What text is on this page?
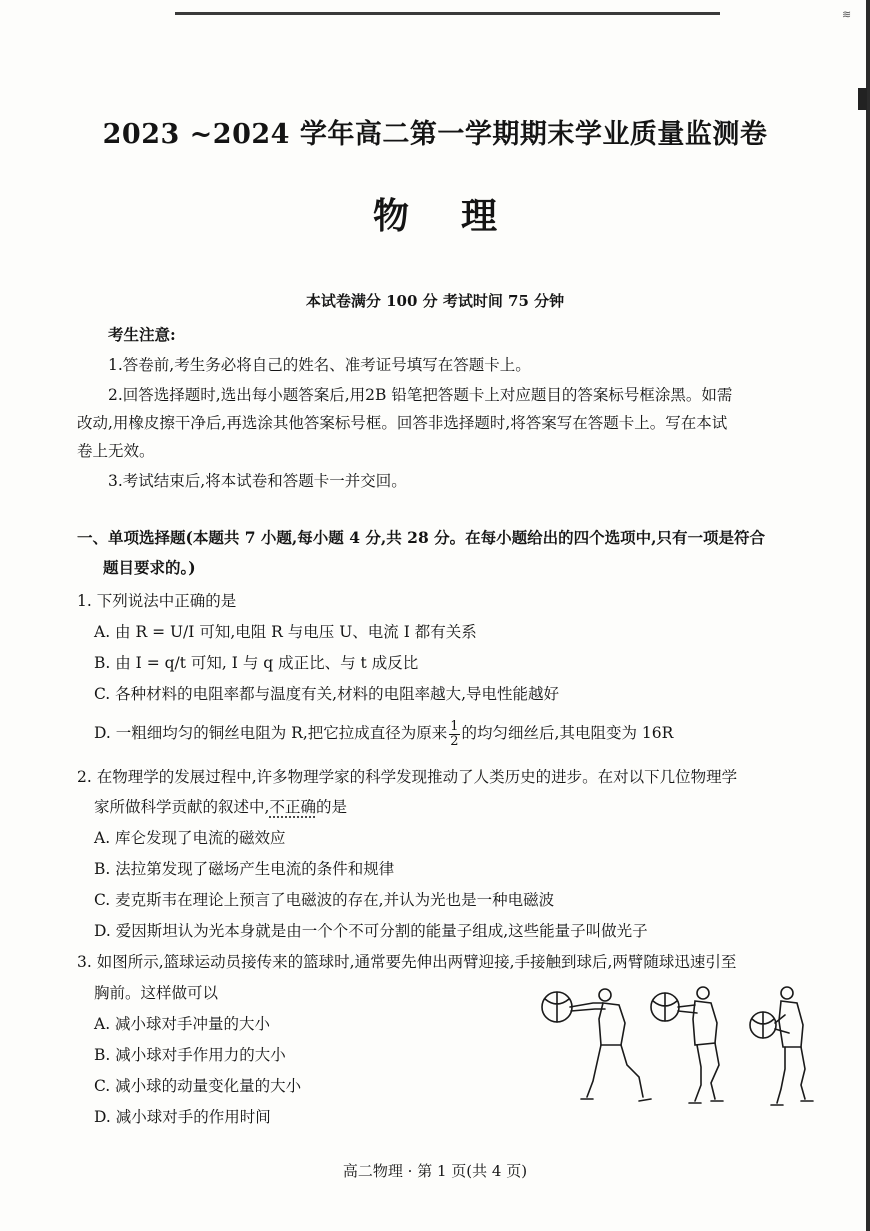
≋
2023 ~2024 学年高二第一学期期末学业质量监测卷
物理
本试卷满分 100 分 考试时间 75 分钟
考生注意:
1.答卷前,考生务必将自己的姓名、准考证号填写在答题卡上。
2.回答选择题时,选出每小题答案后,用2B 铅笔把答题卡上对应题目的答案标号框涂黑。如需
改动,用橡皮擦干净后,再选涂其他答案标号框。回答非选择题时,将答案写在答题卡上。写在本试
卷上无效。
3.考试结束后,将本试卷和答题卡一并交回。
一、单项选择题(本题共 7 小题,每小题 4 分,共 28 分。在每小题给出的四个选项中,只有一项是符合
题目要求的。)
1. 下列说法中正确的是
A. 由 R = U/I 可知,电阻 R 与电压 U、电流 I 都有关系
B. 由 I = q/t 可知, I 与 q 成正比、与 t 成反比
C. 各种材料的电阻率都与温度有关,材料的电阻率越大,导电性能越好
D. 一粗细均匀的铜丝电阻为 R,把它拉成直径为原来 $\frac{1}{2}$ 的均匀细丝后,其电阻变为 16R
2. 在物理学的发展过程中,许多物理学家的科学发现推动了人类历史的进步。在对以下几位物理学
家所做科学贡献的叙述中,不正确的是
A. 库仑发现了电流的磁效应
B. 法拉第发现了磁场产生电流的条件和规律
C. 麦克斯韦在理论上预言了电磁波的存在,并认为光也是一种电磁波
D. 爱因斯坦认为光本身就是由一个个不可分割的能量子组成,这些能量子叫做光子
3. 如图所示,篮球运动员接传来的篮球时,通常要先伸出两臂迎接,手接触到球后,两臂随球迅速引至
胸前。这样做可以
A. 减小球对手冲量的大小
B. 减小球对手作用力的大小
C. 减小球的动量变化量的大小
D. 减小球对手的作用时间
高二物理 · 第 1 页(共 4 页)
